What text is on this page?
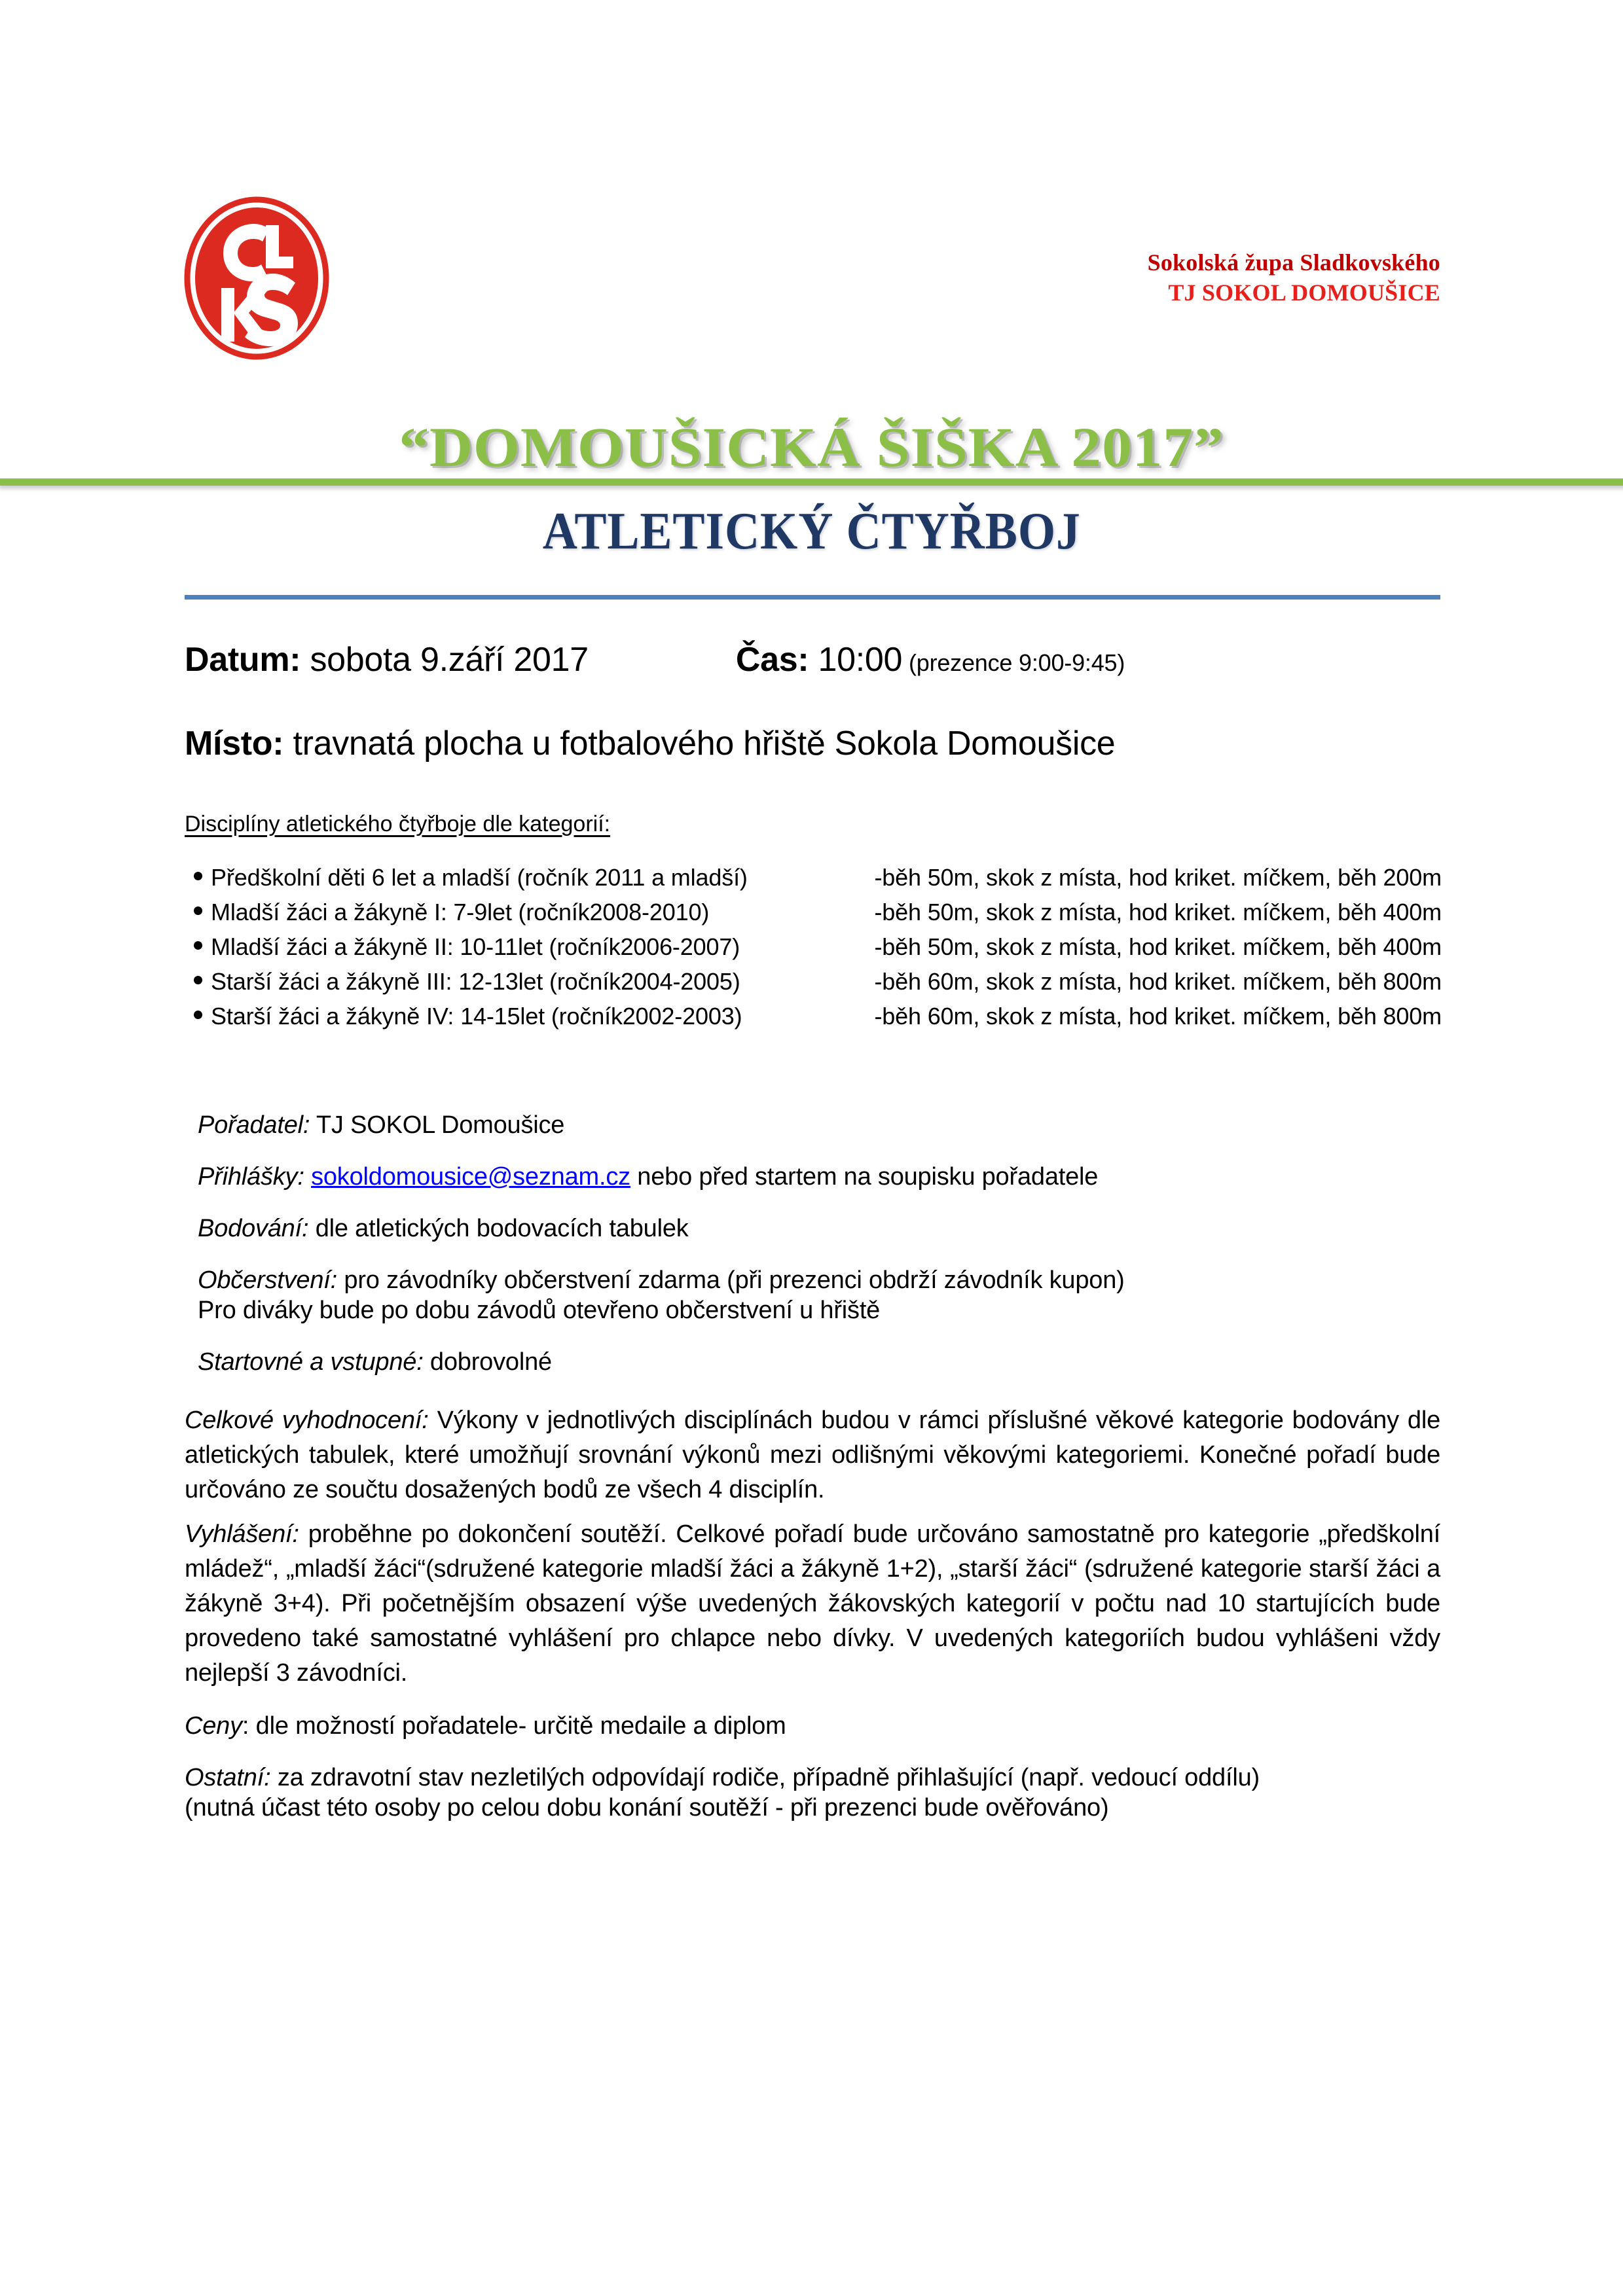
Sokolská župa Sladkovského
TJ SOKOL DOMOUŠICE
“DOMOUŠICKÁ ŠIŠKA 2017”
ATLETICKÝ ČTYŘBOJ
Datum: sobota 9.září 2017	Čas: 10:00 (prezence 9:00-9:45)
Místo: travnatá plocha u fotbalového hřiště Sokola Domoušice
Disciplíny atletického čtyřboje dle kategorií:
Předškolní děti 6 let a mladší (ročník 2011 a mladší)	-běh 50m, skok z místa, hod kriket. míčkem, běh 200m
Mladší žáci a žákyně I: 7-9let (ročník2008-2010)	-běh 50m, skok z místa, hod kriket. míčkem, běh 400m
Mladší žáci a žákyně II: 10-11let (ročník2006-2007)	-běh 50m, skok z místa, hod kriket. míčkem, běh 400m
Starší žáci a žákyně III: 12-13let (ročník2004-2005)	-běh 60m, skok z místa, hod kriket. míčkem, běh 800m
Starší žáci a žákyně IV: 14-15let (ročník2002-2003)	-běh 60m, skok z místa, hod kriket. míčkem, běh 800m
Pořadatel: TJ SOKOL Domoušice
Přihlášky: sokoldomousice@seznam.cz nebo před startem na soupisku pořadatele
Bodování: dle atletických bodovacích tabulek
Občerstvení: pro závodníky občerstvení zdarma (při prezenci obdrží závodník kupon)
Pro diváky bude po dobu závodů otevřeno občerstvení u hřiště
Startovné a vstupné: dobrovolné
Celkové vyhodnocení: Výkony v jednotlivých disciplínách budou v rámci příslušné věkové kategorie bodovány dle atletických tabulek, které umožňují srovnání výkonů mezi odlišnými věkovými kategoriemi. Konečné pořadí bude určováno ze součtu dosažených bodů ze všech 4 disciplín.
Vyhlášení: proběhne po dokončení soutěží. Celkové pořadí bude určováno samostatně pro kategorie „předškolní mládež“, „mladší žáci“(sdružené kategorie mladší žáci a žákyně 1+2), „starší žáci“ (sdružené kategorie starší žáci a žákyně 3+4). Při početnějším obsazení výše uvedených žákovských kategorií v počtu nad 10 startujících bude provedeno také samostatné vyhlášení pro chlapce nebo dívky. V uvedených kategoriích budou vyhlášeni vždy nejlepší 3 závodníci.
Ceny: dle možností pořadatele- určitě medaile a diplom
Ostatní: za zdravotní stav nezletilých odpovídají rodiče, případně přihlašující (např. vedoucí oddílu)
(nutná účast této osoby po celou dobu konání soutěží - při prezenci bude ověřováno)
